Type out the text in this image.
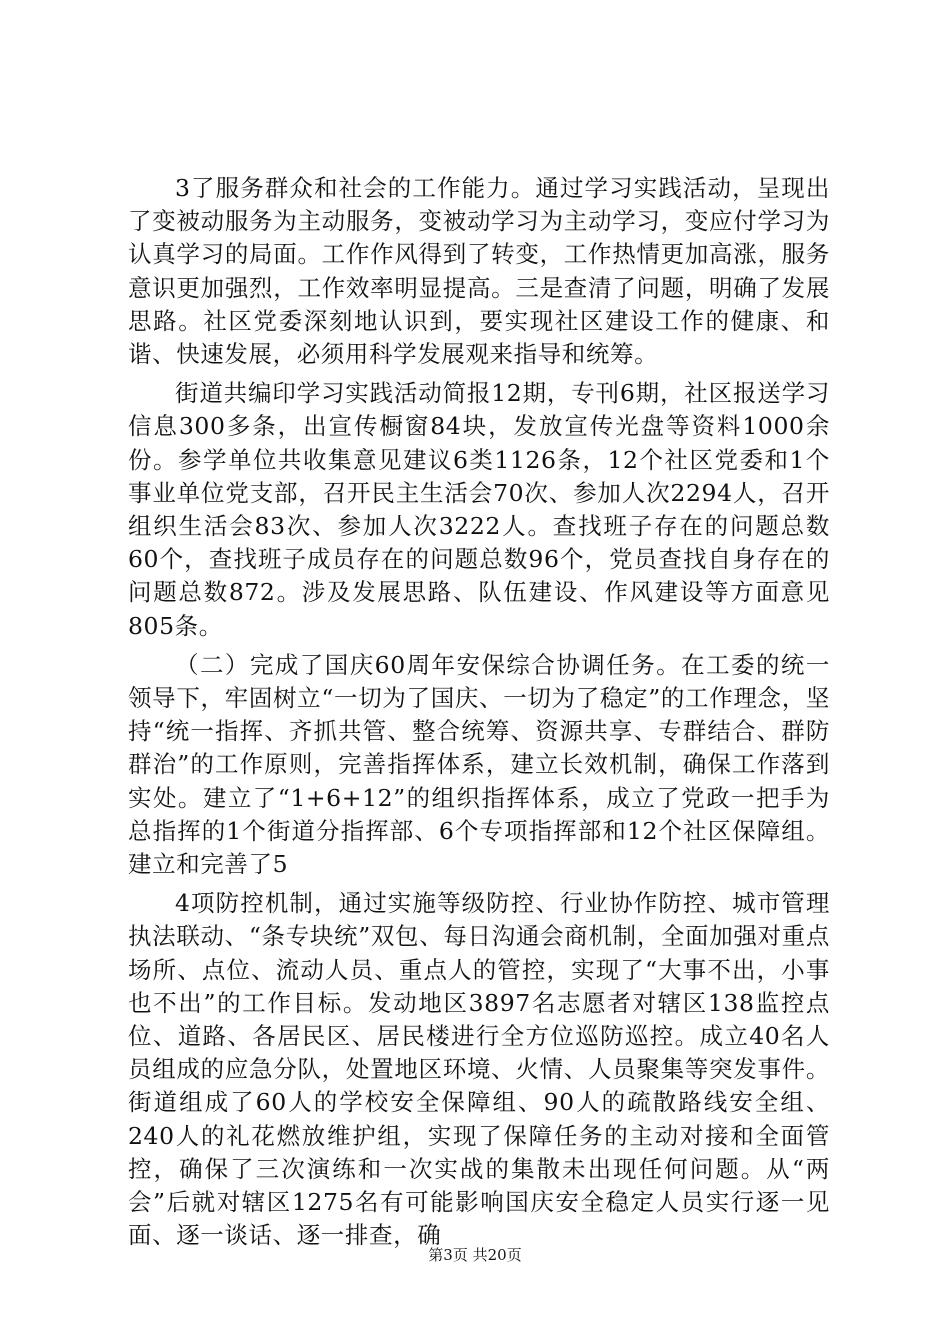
3了服务群众和社会的工作能力。通过学习实践活动，呈现出了变被动服务为主动服务，变被动学习为主动学习，变应付学习为认真学习的局面。工作作风得到了转变，工作热情更加高涨，服务意识更加强烈，工作效率明显提高。三是查清了问题，明确了发展思路。社区党委深刻地认识到，要实现社区建设工作的健康、和谐、快速发展，必须用科学发展观来指导和统筹。

街道共编印学习实践活动简报12期，专刊6期，社区报送学习信息300多条，出宣传橱窗84块，发放宣传光盘等资料1000余份。参学单位共收集意见建议6类1126条，12个社区党委和1个事业单位党支部，召开民主生活会70次、参加人次2294人，召开组织生活会83次、参加人次3222人。查找班子存在的问题总数60个，查找班子成员存在的问题总数96个，党员查找自身存在的问题总数872。涉及发展思路、队伍建设、作风建设等方面意见805条。

（二）完成了国庆60周年安保综合协调任务。在工委的统一领导下，牢固树立“一切为了国庆、一切为了稳定”的工作理念，坚持“统一指挥、齐抓共管、整合统筹、资源共享、专群结合、群防群治”的工作原则，完善指挥体系，建立长效机制，确保工作落到实处。建立了“1+6+12”的组织指挥体系，成立了党政一把手为总指挥的1个街道分指挥部、6个专项指挥部和12个社区保障组。建立和完善了5

4项防控机制，通过实施等级防控、行业协作防控、城市管理执法联动、“条专块统”双包、每日沟通会商机制，全面加强对重点场所、点位、流动人员、重点人的管控，实现了“大事不出，小事也不出”的工作目标。发动地区3897名志愿者对辖区138监控点位、道路、各居民区、居民楼进行全方位巡防巡控。成立40名人员组成的应急分队，处置地区环境、火情、人员聚集等突发事件。街道组成了60人的学校安全保障组、90人的疏散路线安全组、240人的礼花燃放维护组，实现了保障任务的主动对接和全面管控，确保了三次演练和一次实战的集散未出现任何问题。从“两会”后就对辖区1275名有可能影响国庆安全稳定人员实行逐一见面、逐一谈话、逐一排查，确

第3页 共20页
